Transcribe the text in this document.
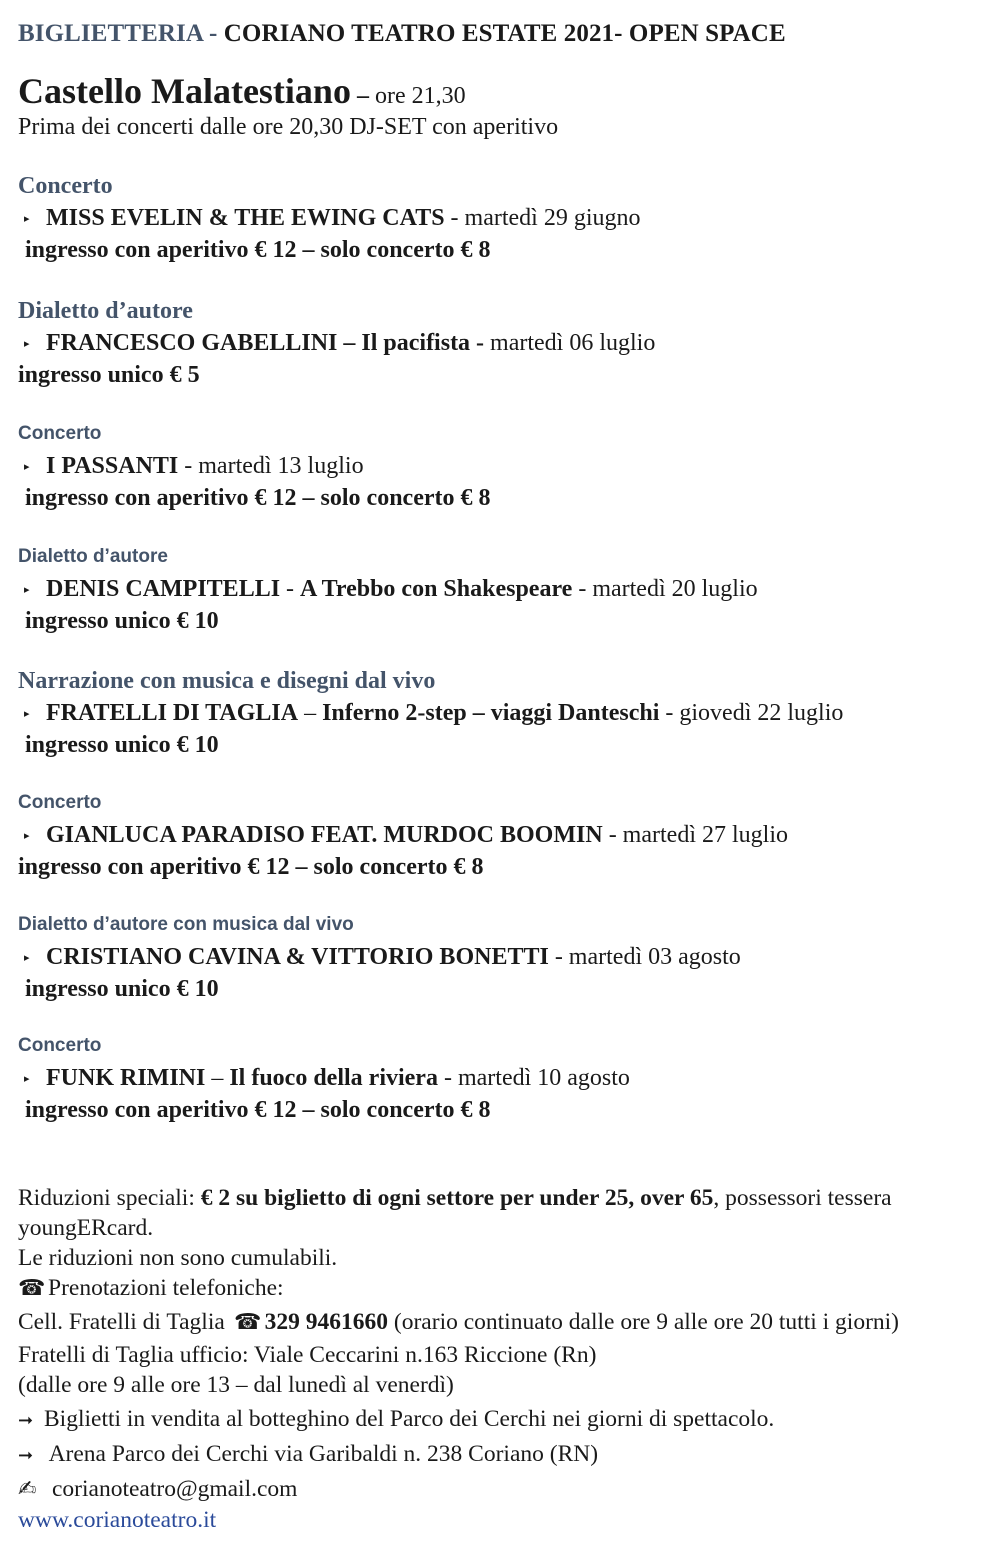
BIGLIETTERIA - CORIANO TEATRO ESTATE 2021- OPEN SPACE
Castello Malatestiano – ore 21,30
Prima dei concerti dalle ore 20,30 DJ-SET con aperitivo
Concerto
▸ MISS EVELIN & THE EWING CATS - martedì 29 giugno
ingresso con aperitivo € 12 – solo concerto € 8
Dialetto d’autore
▸ FRANCESCO GABELLINI – Il pacifista - martedì 06 luglio
ingresso unico € 5
Concerto
▸ I PASSANTI - martedì 13 luglio
ingresso con aperitivo € 12 – solo concerto € 8
Dialetto d’autore
▸ DENIS CAMPITELLI - A Trebbo con Shakespeare - martedì 20 luglio
ingresso unico € 10
Narrazione con musica e disegni dal vivo
▸ FRATELLI DI TAGLIA – Inferno 2-step – viaggi Danteschi - giovedì 22 luglio
ingresso unico € 10
Concerto
▸ GIANLUCA PARADISO FEAT. MURDOC BOOMIN - martedì 27 luglio
ingresso con aperitivo € 12 – solo concerto € 8
Dialetto d’autore con musica dal vivo
▸ CRISTIANO CAVINA & VITTORIO BONETTI - martedì 03 agosto
ingresso unico € 10
Concerto
▸ FUNK RIMINI – Il fuoco della riviera - martedì 10 agosto
ingresso con aperitivo € 12 – solo concerto € 8
Riduzioni speciali: € 2 su biglietto di ogni settore per under 25, over 65, possessori tessera
youngERcard.
Le riduzioni non sono cumulabili.
☎ Prenotazioni telefoniche:
Cell. Fratelli di Taglia ☎ 329 9461660 (orario continuato dalle ore 9 alle ore 20 tutti i giorni)
Fratelli di Taglia ufficio: Viale Ceccarini n.163 Riccione (Rn)
(dalle ore 9 alle ore 13 – dal lunedì al venerdì)
➞ Biglietti in vendita al botteghino del Parco dei Cerchi nei giorni di spettacolo.
➞ Arena Parco dei Cerchi via Garibaldi n. 238 Coriano (RN)
✍ corianoteatro@gmail.com
www.corianoteatro.it
